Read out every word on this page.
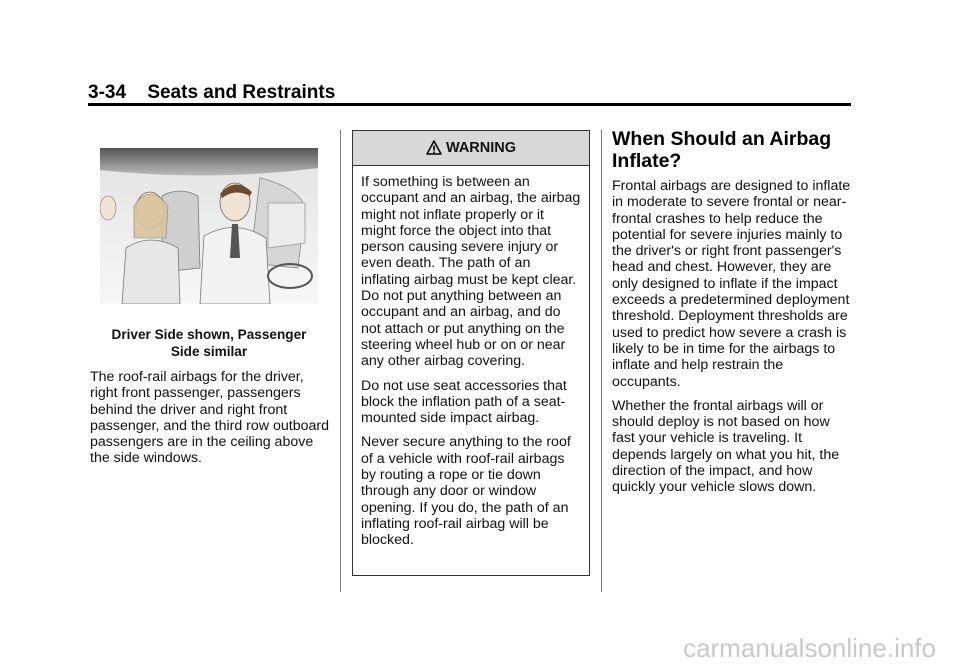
3-34 Seats and Restraints
Driver Side shown, Passenger Side similar

The roof-rail airbags for the driver, right front passenger, passengers behind the driver and right front passenger, and the third row outboard passengers are in the ceiling above the side windows.

WARNING

If something is between an occupant and an airbag, the airbag might not inflate properly or it might force the object into that person causing severe injury or even death. The path of an inflating airbag must be kept clear. Do not put anything between an occupant and an airbag, and do not attach or put anything on the steering wheel hub or on or near any other airbag covering.

Do not use seat accessories that block the inflation path of a seat-mounted side impact airbag.

Never secure anything to the roof of a vehicle with roof-rail airbags by routing a rope or tie down through any door or window opening. If you do, the path of an inflating roof-rail airbag will be blocked.

When Should an Airbag Inflate?

Frontal airbags are designed to inflate in moderate to severe frontal or near-frontal crashes to help reduce the potential for severe injuries mainly to the driver's or right front passenger's head and chest. However, they are only designed to inflate if the impact exceeds a predetermined deployment threshold. Deployment thresholds are used to predict how severe a crash is likely to be in time for the airbags to inflate and help restrain the occupants.

Whether the frontal airbags will or should deploy is not based on how fast your vehicle is traveling. It depends largely on what you hit, the direction of the impact, and how quickly your vehicle slows down.

carmanualsonline.info
